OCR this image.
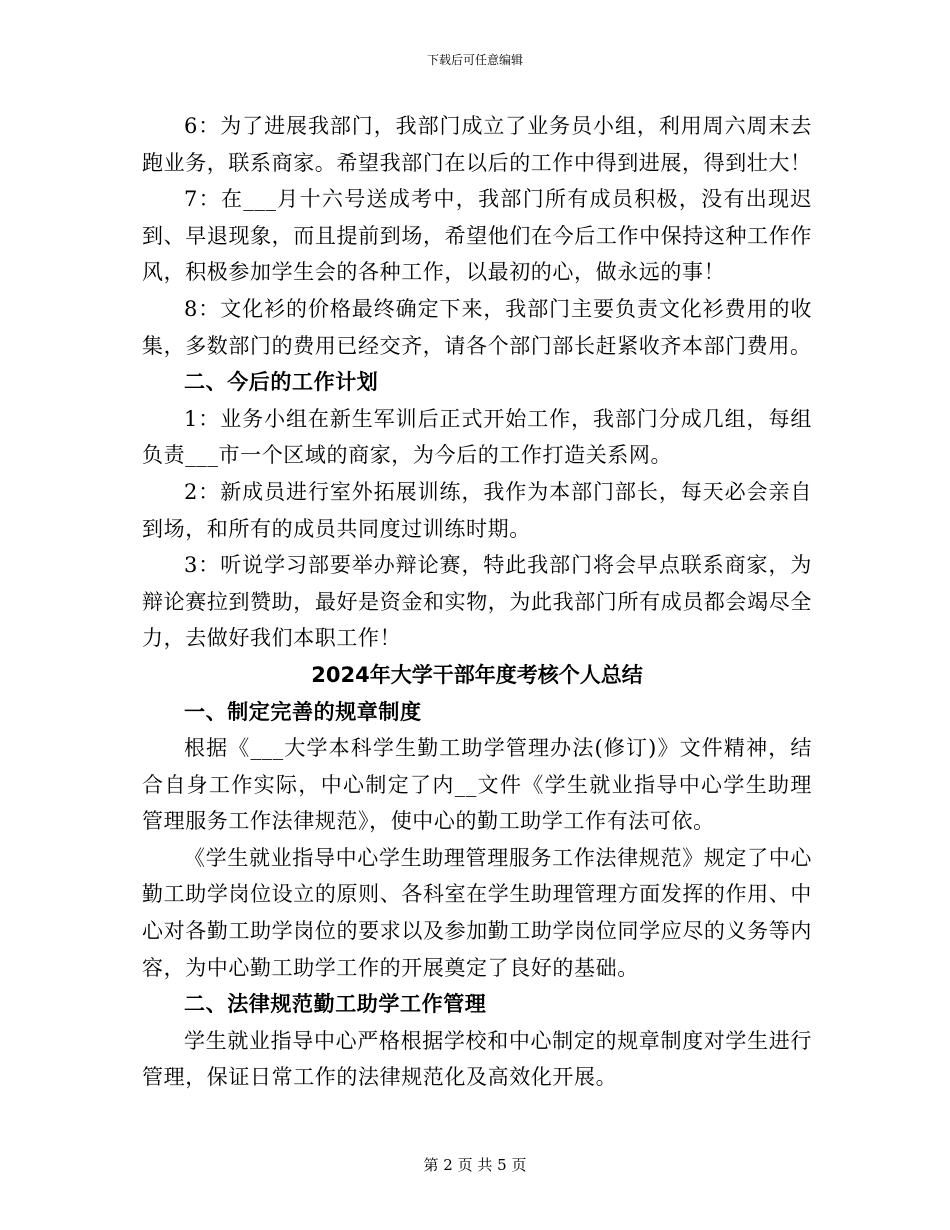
下载后可任意编辑

6：为了进展我部门，我部门成立了业务员小组，利用周六周末去跑业务，联系商家。希望我部门在以后的工作中得到进展，得到壮大！

7：在___月十六号送成考中，我部门所有成员积极，没有出现迟到、早退现象，而且提前到场，希望他们在今后工作中保持这种工作作风，积极参加学生会的各种工作，以最初的心，做永远的事！

8：文化衫的价格最终确定下来，我部门主要负责文化衫费用的收集，多数部门的费用已经交齐，请各个部门部长赶紧收齐本部门费用。

二、今后的工作计划

1：业务小组在新生军训后正式开始工作，我部门分成几组，每组负责___市一个区域的商家，为今后的工作打造关系网。

2：新成员进行室外拓展训练，我作为本部门部长，每天必会亲自到场，和所有的成员共同度过训练时期。

3：听说学习部要举办辩论赛，特此我部门将会早点联系商家，为辩论赛拉到赞助，最好是资金和实物，为此我部门所有成员都会竭尽全力，去做好我们本职工作！

2024年大学干部年度考核个人总结

一、制定完善的规章制度

根据《___大学本科学生勤工助学管理办法(修订)》文件精神，结合自身工作实际，中心制定了内__文件《学生就业指导中心学生助理管理服务工作法律规范》，使中心的勤工助学工作有法可依。

《学生就业指导中心学生助理管理服务工作法律规范》规定了中心勤工助学岗位设立的原则、各科室在学生助理管理方面发挥的作用、中心对各勤工助学岗位的要求以及参加勤工助学岗位同学应尽的义务等内容，为中心勤工助学工作的开展奠定了良好的基础。

二、法律规范勤工助学工作管理

学生就业指导中心严格根据学校和中心制定的规章制度对学生进行管理，保证日常工作的法律规范化及高效化开展。

第 2 页 共 5 页
